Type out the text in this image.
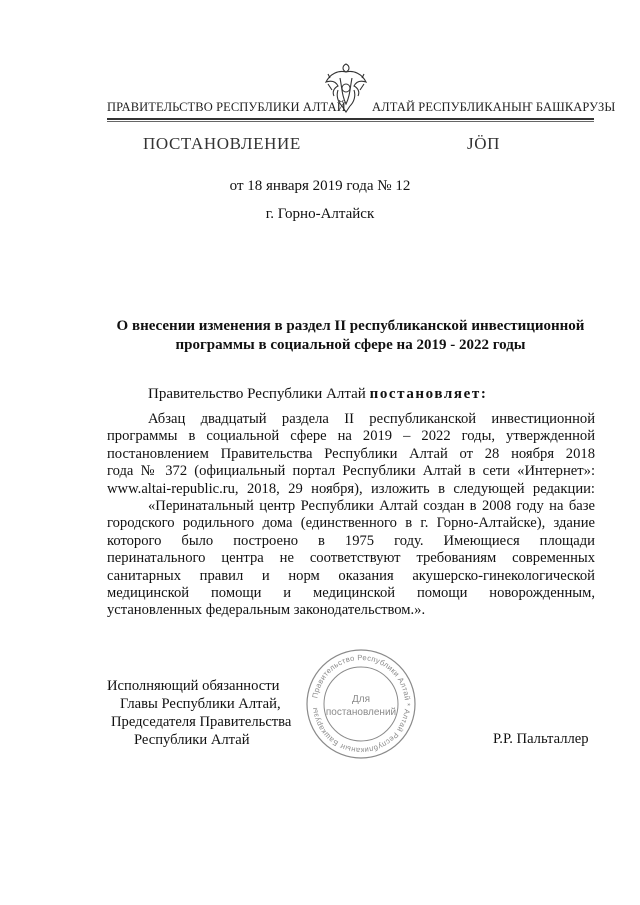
ПРАВИТЕЛЬСТВО РЕСПУБЛИКИ АЛТАЙ АЛТАЙ РЕСПУБЛИКАНЫҤ БАШКАРУЗЫ
ПОСТАНОВЛЕНИЕ	ЈӦП
от 18 января 2019 года № 12
г. Горно-Алтайск
О внесении изменения в раздел II республиканской инвестиционной
программы в социальной сфере на 2019 - 2022 годы
Правительство Республики Алтай постановляет:
Абзац двадцатый раздела II республиканской инвестиционной
программы в социальной сфере на 2019 – 2022 годы, утвержденной
постановлением Правительства Республики Алтай от 28 ноября 2018
года № 372 (официальный портал Республики Алтай в сети «Интернет»:
www.altai-republic.ru, 2018, 29 ноября), изложить в следующей редакции:
«Перинатальный центр Республики Алтай создан в 2008 году на базе
городского родильного дома (единственного в г. Горно-Алтайске), здание
которого было построено в 1975 году. Имеющиеся площади
перинатального центра не соответствуют требованиям современных
санитарных правил и норм оказания акушерско-гинекологической
медицинской помощи и медицинской помощи новорожденным,
установленных федеральным законодательством.».
Исполняющий обязанности
Главы Республики Алтай,
Председателя Правительства
Республики Алтай	Р.Р. Пальталлер
Правительство Республики Алтай * Алтай Республиканыҥ Башкарузы
Для
постановлений
